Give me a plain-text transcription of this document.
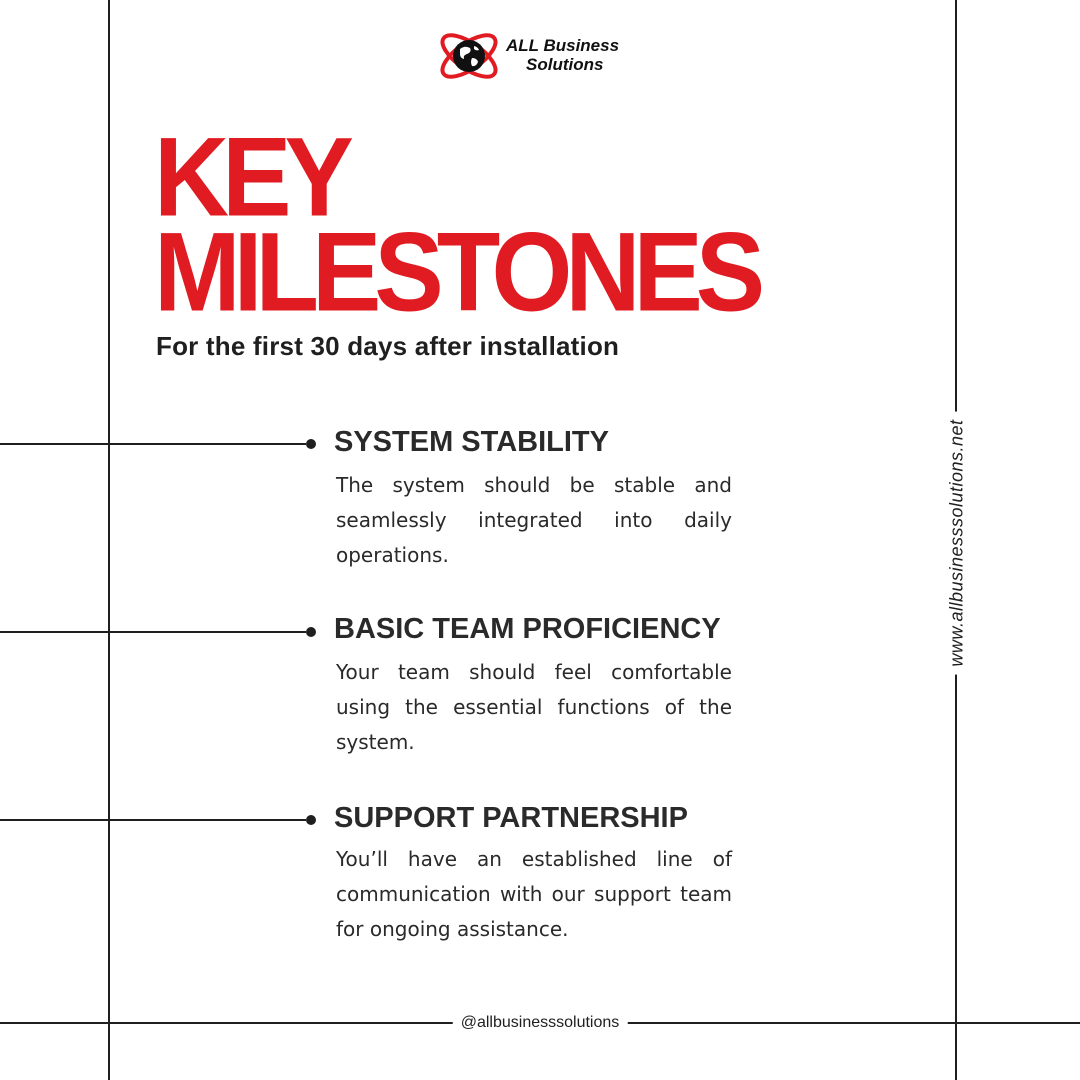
ALL Business
Solutions
KEY
MILESTONES
For the first 30 days after installation
SYSTEM STABILITY
The system should be stable and seamlessly integrated into daily operations.
BASIC TEAM PROFICIENCY
Your team should feel comfortable using the essential functions of the system.
SUPPORT PARTNERSHIP
You’ll have an established line of communication with our support team for ongoing assistance.
www.allbusinesssolutions.net
@allbusinesssolutions
